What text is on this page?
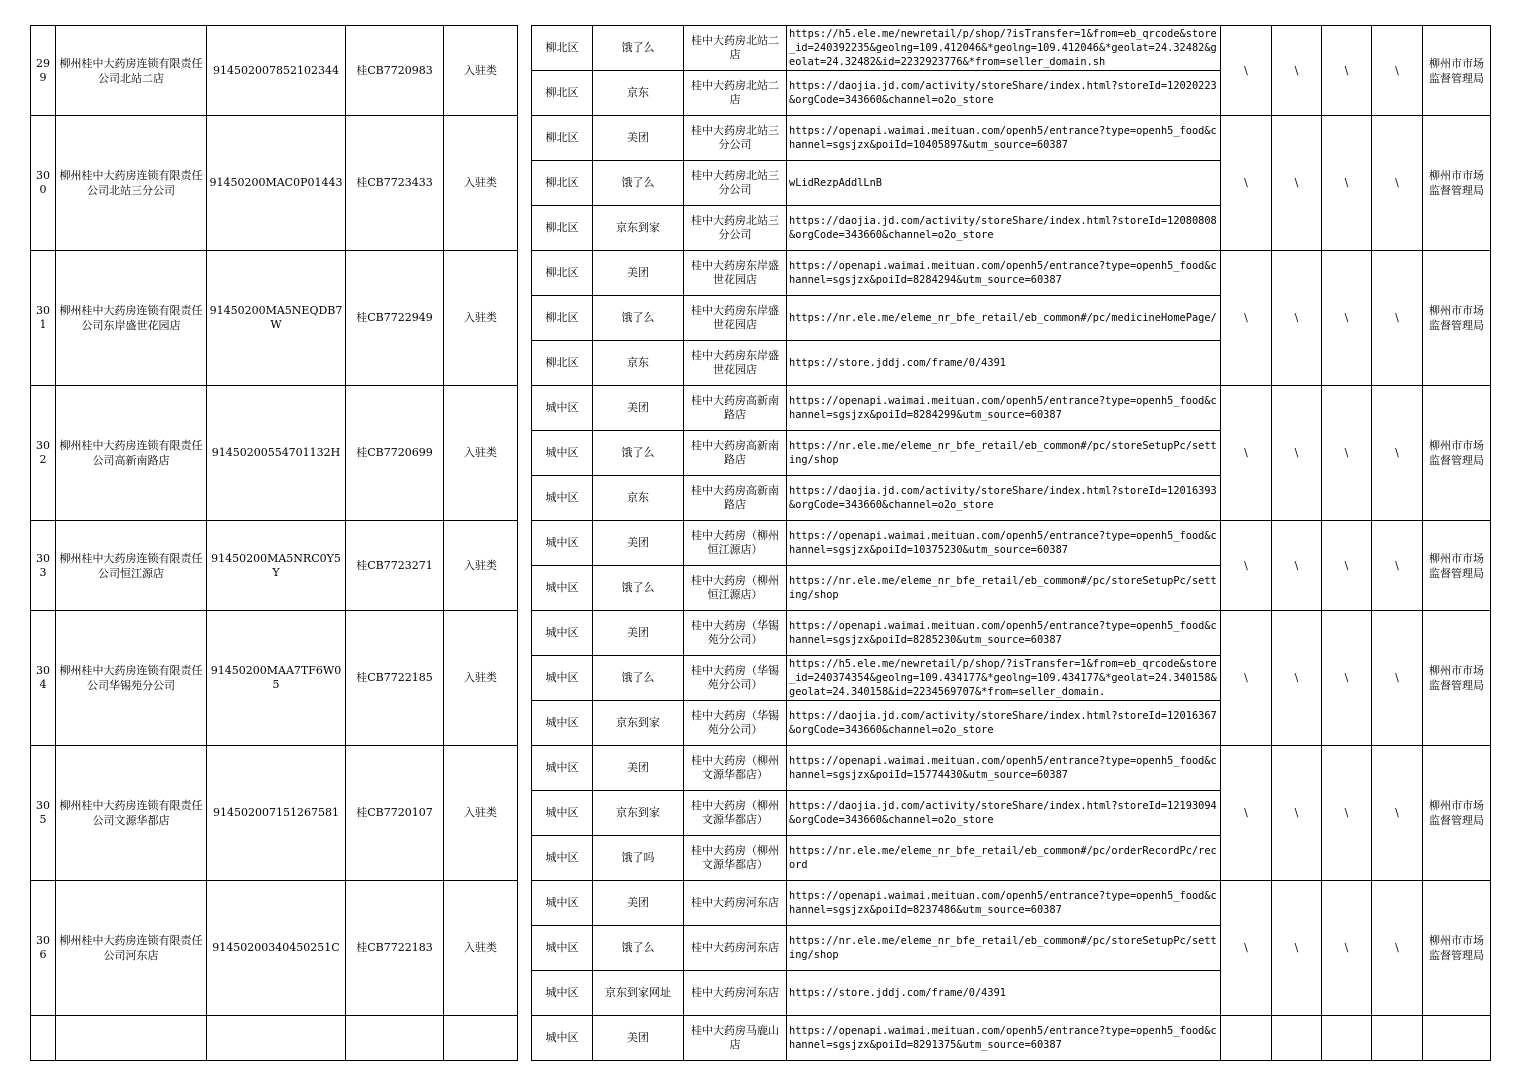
299	柳州桂中大药房连锁有限责任公司北站二店	914502007852102344	桂CB7720983	入驻类		柳北区	饿了么	桂中大药房北站二店	https://h5.ele.me/newretail/p/shop/?isTransfer=1&from=eb_qrcode&store_id=240392235&geolng=109.412046&*geolng=109.412046&*geolat=24.32482&geolat=24.32482&id=2232923776&*from=seller_domain.sh	\	\	\	\	柳州市市场监督管理局
						柳北区	京东	桂中大药房北站二店	https://daojia.jd.com/activity/storeShare/index.html?storeId=12020223&orgCode=343660&channel=o2o_store					

300	柳州桂中大药房连锁有限责任公司北站三分公司	91450200MAC0P01443	桂CB7723433	入驻类		柳北区	美团	桂中大药房北站三分公司	https://openapi.waimai.meituan.com/openh5/entrance?type=openh5_food&channel=sgsjzx&poiId=10405897&utm_source=60387	\	\	\	\	柳州市市场监督管理局
						柳北区	饿了么	桂中大药房北站三分公司	wLidRezpAddlLnB					

						柳北区	京东到家	桂中大药房北站三分公司	https://daojia.jd.com/activity/storeShare/index.html?storeId=12080808&orgCode=343660&channel=o2o_store					

301	柳州桂中大药房连锁有限责任公司东岸盛世花园店	91450200MA5NEQDB7W	桂CB7722949	入驻类		柳北区	美团	桂中大药房东岸盛世花园店	https://openapi.waimai.meituan.com/openh5/entrance?type=openh5_food&channel=sgsjzx&poiId=8284294&utm_source=60387	\	\	\	\	柳州市市场监督管理局
						柳北区	饿了么	桂中大药房东岸盛世花园店	https://nr.ele.me/eleme_nr_bfe_retail/eb_common#/pc/medicineHomePage/					

						柳北区	京东	桂中大药房东岸盛世花园店	https://store.jddj.com/frame/0/4391					

302	柳州桂中大药房连锁有限责任公司高新南路店	91450200554701132H	桂CB7720699	入驻类		城中区	美团	桂中大药房高新南路店	https://openapi.waimai.meituan.com/openh5/entrance?type=openh5_food&channel=sgsjzx&poiId=8284299&utm_source=60387	\	\	\	\	柳州市市场监督管理局
						城中区	饿了么	桂中大药房高新南路店	https://nr.ele.me/eleme_nr_bfe_retail/eb_common#/pc/storeSetupPc/setting/shop					

						城中区	京东	桂中大药房高新南路店	https://daojia.jd.com/activity/storeShare/index.html?storeId=12016393&orgCode=343660&channel=o2o_store					

303	柳州桂中大药房连锁有限责任公司恒江源店	91450200MA5NRC0Y5Y	桂CB7723271	入驻类		城中区	美团	桂中大药房（柳州恒江源店）	https://openapi.waimai.meituan.com/openh5/entrance?type=openh5_food&channel=sgsjzx&poiId=10375230&utm_source=60387	\	\	\	\	柳州市市场监督管理局
						城中区	饿了么	桂中大药房（柳州恒江源店）	https://nr.ele.me/eleme_nr_bfe_retail/eb_common#/pc/storeSetupPc/setting/shop					

304	柳州桂中大药房连锁有限责任公司华锡苑分公司	91450200MAA7TF6W05	桂CB7722185	入驻类		城中区	美团	桂中大药房（华锡苑分公司）	https://openapi.waimai.meituan.com/openh5/entrance?type=openh5_food&channel=sgsjzx&poiId=8285230&utm_source=60387	\	\	\	\	柳州市市场监督管理局
						城中区	饿了么	桂中大药房（华锡苑分公司）	https://h5.ele.me/newretail/p/shop/?isTransfer=1&from=eb_qrcode&store_id=240374354&geolng=109.434177&*geolng=109.434177&*geolat=24.340158&geolat=24.340158&id=2234569707&*from=seller_domain.					

						城中区	京东到家	桂中大药房（华锡苑分公司）	https://daojia.jd.com/activity/storeShare/index.html?storeId=12016367&orgCode=343660&channel=o2o_store					

305	柳州桂中大药房连锁有限责任公司文源华都店	914502007151267581	桂CB7720107	入驻类		城中区	美团	桂中大药房（柳州文源华都店）	https://openapi.waimai.meituan.com/openh5/entrance?type=openh5_food&channel=sgsjzx&poiId=15774430&utm_source=60387	\	\	\	\	柳州市市场监督管理局
						城中区	京东到家	桂中大药房（柳州文源华都店）	https://daojia.jd.com/activity/storeShare/index.html?storeId=12193094&orgCode=343660&channel=o2o_store					

						城中区	饿了吗	桂中大药房（柳州文源华都店）	https://nr.ele.me/eleme_nr_bfe_retail/eb_common#/pc/orderRecordPc/record					

306	柳州桂中大药房连锁有限责任公司河东店	91450200340450251C	桂CB7722183	入驻类		城中区	美团	桂中大药房河东店	https://openapi.waimai.meituan.com/openh5/entrance?type=openh5_food&channel=sgsjzx&poiId=8237486&utm_source=60387	\	\	\	\	柳州市市场监督管理局
						城中区	饿了么	桂中大药房河东店	https://nr.ele.me/eleme_nr_bfe_retail/eb_common#/pc/storeSetupPc/setting/shop					

						城中区	京东到家网址	桂中大药房河东店	https://store.jddj.com/frame/0/4391					

						城中区	美团	桂中大药房马鹿山店	https://openapi.waimai.meituan.com/openh5/entrance?type=openh5_food&channel=sgsjzx&poiId=8291375&utm_source=60387					
